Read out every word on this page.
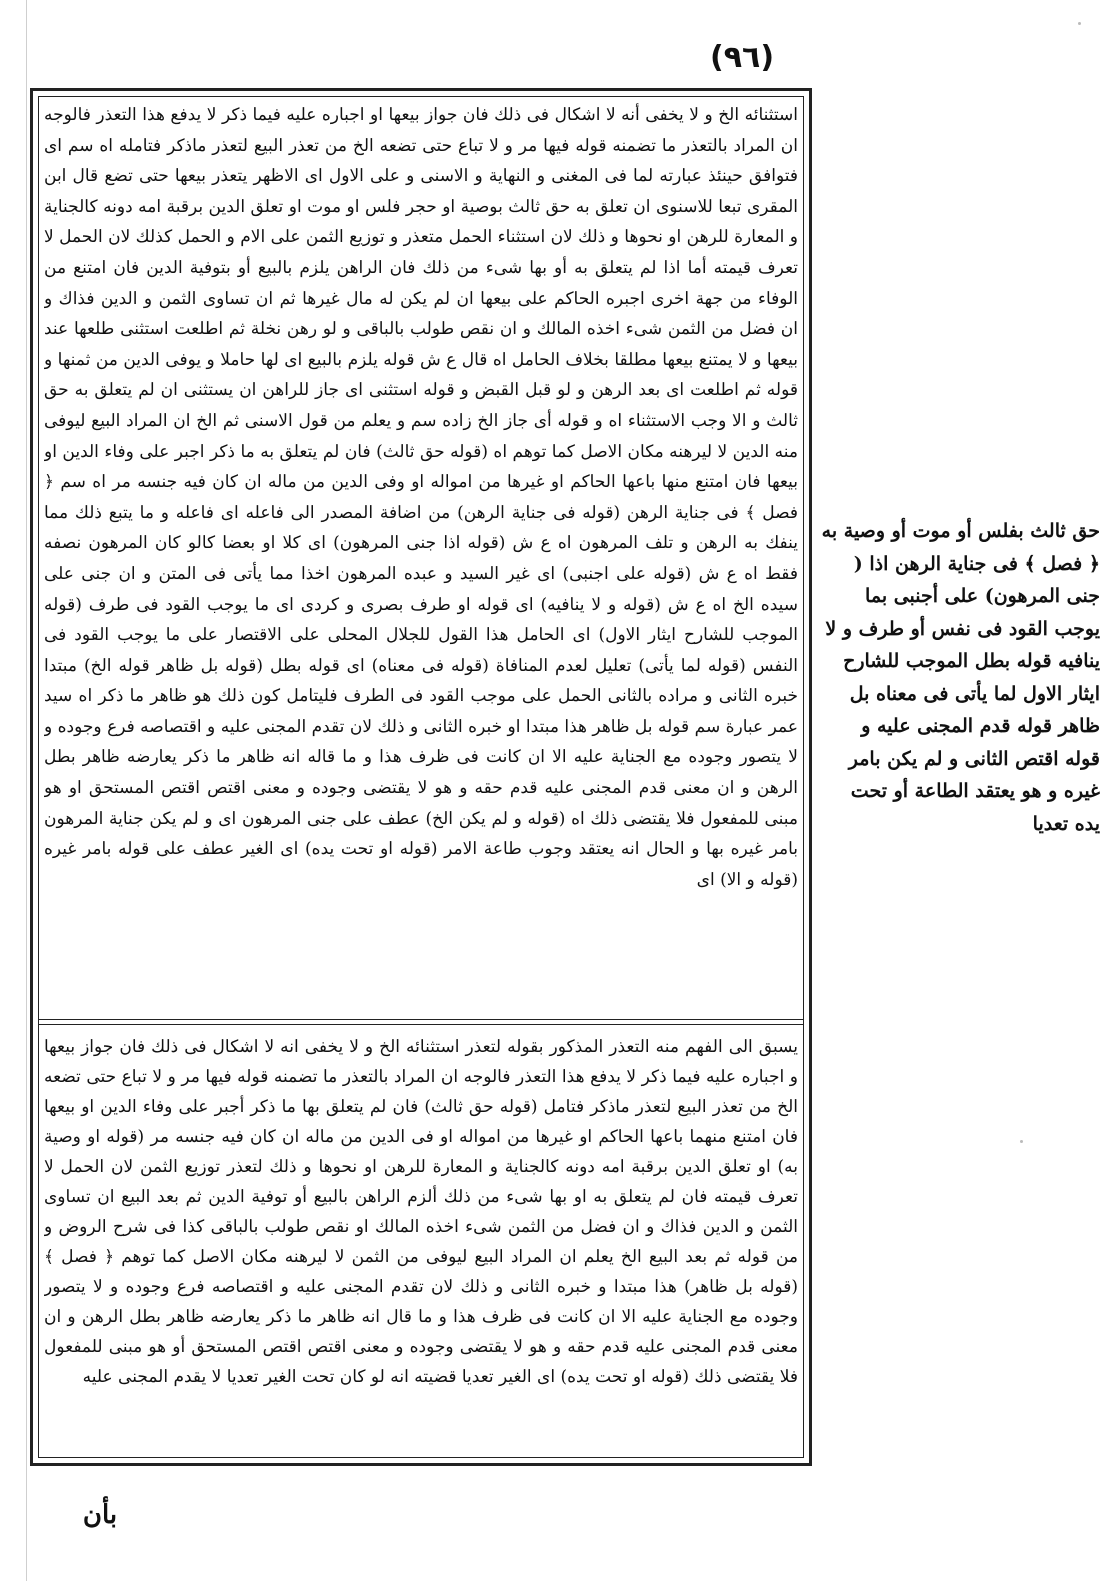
(٩٦)
استثنائه الخ و لا يخفى أنه لا اشكال فى ذلك فان جواز بيعها او اجباره عليه فيما ذكر لا يدفع هذا التعذر فالوجه ان المراد بالتعذر ما تضمنه قوله فيها مر و لا تباع حتى تضعه الخ من تعذر البيع لتعذر ماذكر فتامله اه سم اى فتوافق حينئذ عبارته لما فى المغنى و النهاية و الاسنى و على الاول اى الاظهر يتعذر بيعها حتى تضع قال ابن المقرى تبعا للاسنوى ان تعلق به حق ثالث بوصية او حجر فلس او موت او تعلق الدين برقبة امه دونه كالجناية و المعارة للرهن او نحوها و ذلك لان استثناء الحمل متعذر و توزيع الثمن على الام و الحمل كذلك لان الحمل لا تعرف قيمته أما اذا لم يتعلق به أو بها شىء من ذلك فان الراهن يلزم بالبيع أو بتوفية الدين فان امتنع من الوفاء من جهة اخرى اجبره الحاكم على بيعها ان لم يكن له مال غيرها ثم ان تساوى الثمن و الدين فذاك و ان فضل من الثمن شىء اخذه المالك و ان نقص طولب بالباقى و لو رهن نخلة ثم اطلعت استثنى طلعها عند بيعها و لا يمتنع بيعها مطلقا بخلاف الحامل اه قال ع ش قوله يلزم بالبيع اى لها حاملا و يوفى الدين من ثمنها و قوله ثم اطلعت اى بعد الرهن و لو قبل القبض و قوله استثنى اى جاز للراهن ان يستثنى ان لم يتعلق به حق ثالث و الا وجب الاستثناء اه و قوله أى جاز الخ زاده سم و يعلم من قول الاسنى ثم الخ ان المراد البيع ليوفى منه الدين لا ليرهنه مكان الاصل كما توهم اه (قوله حق ثالث) فان لم يتعلق به ما ذكر اجبر على وفاء الدين او بيعها فان امتنع منها باعها الحاكم او غيرها من امواله او وفى الدين من ماله ان كان فيه جنسه مر اه سم ﴿ فصل ﴾ فى جناية الرهن (قوله فى جناية الرهن) من اضافة المصدر الى فاعله اى فاعله و ما يتبع ذلك مما ينفك به الرهن و تلف المرهون اه ع ش (قوله اذا جنى المرهون) اى كلا او بعضا كالو كان المرهون نصفه فقط اه ع ش (قوله على اجنبى) اى غير السيد و عبده المرهون اخذا مما يأتى فى المتن و ان جنى على سيده الخ اه ع ش (قوله و لا ينافيه) اى قوله او طرف بصرى و كردى اى ما يوجب القود فى طرف (قوله الموجب للشارح ايثار الاول) اى الحامل هذا القول للجلال المحلى على الاقتصار على ما يوجب القود فى النفس (قوله لما يأتى) تعليل لعدم المنافاة (قوله فى معناه) اى قوله بطل (قوله بل ظاهر قوله الخ) مبتدا خبره الثانى و مراده بالثانى الحمل على موجب القود فى الطرف فليتامل كون ذلك هو ظاهر ما ذكر اه سيد عمر عبارة سم قوله بل ظاهر هذا مبتدا او خبره الثانى و ذلك لان تقدم المجنى عليه و اقتصاصه فرع وجوده و لا يتصور وجوده مع الجناية عليه الا ان كانت فى ظرف هذا و ما قاله انه ظاهر ما ذكر يعارضه ظاهر بطل الرهن و ان معنى قدم المجنى عليه قدم حقه و هو لا يقتضى وجوده و معنى اقتص اقتص المستحق او هو مبنى للمفعول فلا يقتضى ذلك اه (قوله و لم يكن الخ) عطف على جنى المرهون اى و لم يكن جناية المرهون بامر غيره بها و الحال انه يعتقد وجوب طاعة الامر (قوله او تحت يده) اى الغير عطف على قوله بامر غيره (قوله و الا) اى
يسبق الى الفهم منه التعذر المذكور بقوله لتعذر استثنائه الخ و لا يخفى انه لا اشكال فى ذلك فان جواز بيعها و اجباره عليه فيما ذكر لا يدفع هذا التعذر فالوجه ان المراد بالتعذر ما تضمنه قوله فيها مر و لا تباع حتى تضعه الخ من تعذر البيع لتعذر ماذكر فتامل (قوله حق ثالث) فان لم يتعلق بها ما ذكر أجبر على وفاء الدين او بيعها فان امتنع منهما باعها الحاكم او غيرها من امواله او فى الدين من ماله ان كان فيه جنسه مر (قوله او وصية به) او تعلق الدين برقبة امه دونه كالجناية و المعارة للرهن او نحوها و ذلك لتعذر توزيع الثمن لان الحمل لا تعرف قيمته فان لم يتعلق به او بها شىء من ذلك ألزم الراهن بالبيع أو توفية الدين ثم بعد البيع ان تساوى الثمن و الدين فذاك و ان فضل من الثمن شىء اخذه المالك او نقص طولب بالباقى كذا فى شرح الروض و من قوله ثم بعد البيع الخ يعلم ان المراد البيع ليوفى من الثمن لا ليرهنه مكان الاصل كما توهم ﴿ فصل ﴾ (قوله بل ظاهر) هذا مبتدا و خبره الثانى و ذلك لان تقدم المجنى عليه و اقتصاصه فرع وجوده و لا يتصور وجوده مع الجناية عليه الا ان كانت فى ظرف هذا و ما قال انه ظاهر ما ذكر يعارضه ظاهر بطل الرهن و ان معنى قدم المجنى عليه قدم حقه و هو لا يقتضى وجوده و معنى اقتص اقتص المستحق أو هو مبنى للمفعول فلا يقتضى ذلك (قوله او تحت يده) اى الغير تعديا قضيته انه لو كان تحت الغير تعديا لا يقدم المجنى عليه
حق ثالث بفلس أو موت أو وصية به ﴿ فصل ﴾ فى جناية الرهن اذا ( جنى المرهون) على أجنبى بما يوجب القود فى نفس أو طرف و لا ينافيه قوله بطل الموجب للشارح ايثار الاول لما يأتى فى معناه بل ظاهر قوله قدم المجنى عليه و قوله اقتص الثانى و لم يكن بامر غيره و هو يعتقد الطاعة أو تحت يده تعديا
بأن
